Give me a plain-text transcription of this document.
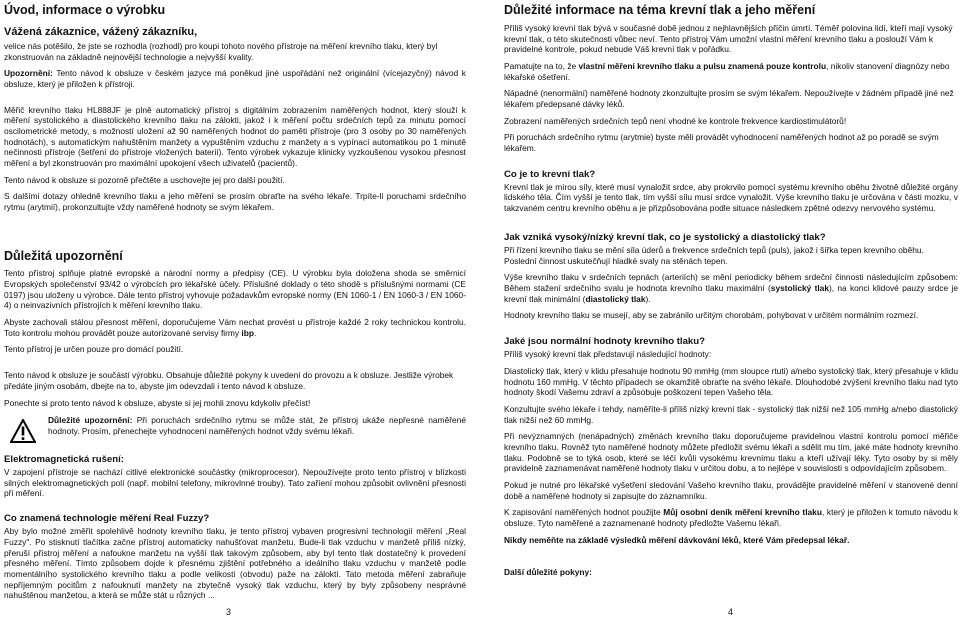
Úvod, informace o výrobku

Vážená zákaznice, vážený zákazníku,

velice nás potěšilo, že jste se rozhodla (rozhodl) pro koupi tohoto nového přístroje na měření krevního tlaku, který byl zkonstruován na základně nejnovější technologie a nejvyšší kvality.

Upozornění: Tento návod k obsluze v českém jazyce má poněkud jiné uspořádání než originální (vícejazyčný) návod k obsluze, který je přiložen k přístroji.

Měřič krevního tlaku HL888JF je plně automatický přístroj s digitálním zobrazením naměřených hodnot, který slouží k měření systolického a diastolického krevního tlaku na zálokti, jakož i k měření počtu srdečních tepů za minutu pomocí oscilometrické metody, s možností uložení až 90 naměřených hodnot do paměti přístroje (pro 3 osoby po 30 naměřených hodnotách), s automatickým nahuštěním manžety a vypuštěním vzduchu z manžety a s vypínací automatikou po 1 minutě nečinnosti přístroje (šetření do přístroje vložených baterií). Tento výrobek vykazuje klinicky vyzkoušenou vysokou přesnost měření a byl zkonstruován pro maximální upokojení všech uživatelů (pacientů).

Tento návod k obsluze si pozorně přečtěte a uschovejte jej pro další použití.

S dalšími dotazy ohledně krevního tlaku a jeho měření se prosím obraťte na svého lékaře. Trpíte-li poruchami srdečního rytmu (arytmií), prokonzultujte vždy naměřené hodnoty se svým lékařem.

Důležitá upozornění

Tento přístroj splňuje platné evropské a národní normy a předpisy (CE). U výrobku byla doložena shoda se směrnicí Evropských společenství 93/42 o výrobcích pro lékařské účely. Příslušné doklady o této shodě s příslušnými normami (CE 0197) jsou uloženy u výrobce. Dále tento přístroj vyhovuje požadavkům evropské normy (EN 1060-1 / EN 1060-3 / EN 1060-4) o neinvazivních přístrojích k měření krevního tlaku.

Abyste zachovali stálou přesnost měření, doporučujeme Vám nechat provést u přístroje každé 2 roky technickou kontrolu. Toto kontrolu mohou provádět pouze autorizované servisy firmy ibp.

Tento přístroj je určen pouze pro domácí použití.

Tento návod k obsluze je součástí výrobku. Obsahuje důležité pokyny k uvedení do provozu a k obsluze. Jestliže výrobek předáte jiným osobám, dbejte na to, abyste jim odevzdali i tento návod k obsluze.

Ponechte si proto tento návod k obsluze, abyste si jej mohli znovu kdykoliv přečíst!

Důležité upozornění: Při poruchách srdečního rytmu se může stát, že přístroj ukáže nepřesné naměřené hodnoty. Prosím, přenechejte vyhodnocení naměřených hodnot vždy svému lékaři.

Elektromagnetická rušení:

V zapojení přístroje se nachází citlivé elektronické součástky (mikroprocesor). Nepoužívejte proto tento přístroj v blízkosti silných elektromagnetických polí (např. mobilní telefony, mikrovlnné trouby). Tato zaříení mohou způsobit ovlivnění přesnosti při měření.

Co znamená technologie měření Real Fuzzy?

Aby bylo možné změřit spolehlivě hodnoty krevního tlaku, je tento přístroj vybaven progresivní technologií měření „Real Fuzzy". Po stisknutí tlačítka začne přístroj automaticky nahušťovat manžetu. Bude-li tlak vzduchu v manžetě příliš nízký, přeruší přístroj měření a nafoukne manžetu na vyšší tlak takovým způsobem, aby byl tento tlak dostatečný k provedení přesného měření. Tímto způsobem dojde k přesnému zjištění potřebného a ideálního tlaku vzduchu v manžetě podle momentálního systolického krevního tlaku a podle velikosti (obvodu) paže na záloktí. Tato metoda měření zabraňuje nepříjemným pocitům z nafouknutí manžety na zbytečně vysoký tlak vzduchu, který by byly způsobeny nesprávné nahuštěnou manžetou, a která se může stát u různých ...

Důležité informace na téma krevní tlak a jeho měření

Příliš vysoký krevní tlak bývá v současné době jednou z nejhlavnějších příčin úmrtí. Téměř polovina lidí, kteří mají vysoký krevní tlak, o této skutečnosti vůbec neví. Tento přístroj Vám umožní vlastní měření krevního tlaku a poslouží Vám k pravidelné kontrole, pokud nebude Váš krevní tlak v pořádku.

Pamatujte na to, že vlastní měření krevního tlaku a pulsu znamená pouze kontrolu, nikoliv stanovení diagnózy nebo lékařské ošetření.

Nápadné (nenormální) naměřené hodnoty zkonzultujte prosím se svým lékařem. Nepoužívejte v žádném případě jiné než lékařem předepsané dávky léků.

Zobrazení naměřených srdečních tepů není vhodné ke kontrole frekvence kardiostimulátorů!

Při poruchách srdečního rytmu (arytmie) byste měli provádět vyhodnocení naměřených hodnot až po poradě se svým lékařem.

Co je to krevní tlak?

Krevní tlak je mírou síly, které musí vynaložit srdce, aby prokrvilo pomocí systému krevního oběhu životně důležité orgány lidského těla. Čím vyšší je tento tlak, tím vyšší sílu musí srdce vynaložit. Výše krevního tlaku je určována v části mozku, v takzvaném centru krevního oběhu a je přizpůsobována podle situace následkem zpětné odezvy nervového systému.

Jak vzniká vysoký/nízký krevní tlak, co je systolický a diastolický tlak?

Při řízení krevního tlaku se mění síla úderů a frekvence srdečních tepů (puls), jakož i šířka tepen krevního oběhu. Poslední činnost uskutečňují hladké svaly na stěnách tepen.

Výše krevního tlaku v srdečních tepnách (arteriích) se mění periodicky během srdeční činnosti následujícím způsobem: Během stažení srdečního svalu je hodnota krevního tlaku maximální (systolický tlak), na konci klidové pauzy srdce je krevní tlak minimální (diastolický tlak).

Hodnoty krevního tlaku se musejí, aby se zabránilo určitým chorobám, pohybovat v určitém normálním rozmezí.

Jaké jsou normální hodnoty krevního tlaku?

Příliš vysoký krevní tlak představují následující hodnoty:

Diastolický tlak, který v klidu přesahuje hodnotu 90 mmHg (mm sloupce rtuti) a/nebo systolický tlak, který přesahuje v klidu hodnotu 160 mmHg. V těchto případech se okamžitě obraťte na svého lékaře. Dlouhodobé zvýšení krevního tlaku nad tyto hodnoty škodí Vašemu zdraví a způsobuje poškození tepen Vašeho těla.

Konzultujte svého lékaře i tehdy, naměříte-li příliš nízký krevní tlak - systolický tlak nižší než 105 mmHg a/nebo diastolický tlak nižší než 60 mmHg.

Při nevýznamných (nenápadných) změnách krevního tlaku doporučujeme pravidelnou vlastní kontrolu pomocí měřiče krevního tlaku. Rovněž tyto naměřené hodnoty můžete předložit svému lékaři a sdělit mu tím, jaké máte hodnoty krevního tlaku. Podobně se to týká osob, které se léčí kvůli vysokému krevnímu tlaku a kteří užívají léky. Tyto osoby by si měly pravidelně zaznamenávat naměřené hodnoty tlaku v určitou dobu, a to nejlépe v souvislosti s odpovídajícím způsobem.

Pokud je nutné pro lékařské vyšetření sledování Vašeho krevního tlaku, provádějte pravidelné měření v stanovené denní době a naměřené hodnoty si zapisujte do záznamníku.

K zapisování naměřených hodnot použijte Můj osobní deník měření krevního tlaku, který je přiložen k tomuto návodu k obsluze. Tyto naměřené a zaznamenané hodnoty předložte Vašemu lékaři.

Nikdy neměňte na základě výsledků měření dávkování léků, které Vám předepsal lékař.

Další důležité pokyny:

3	4
